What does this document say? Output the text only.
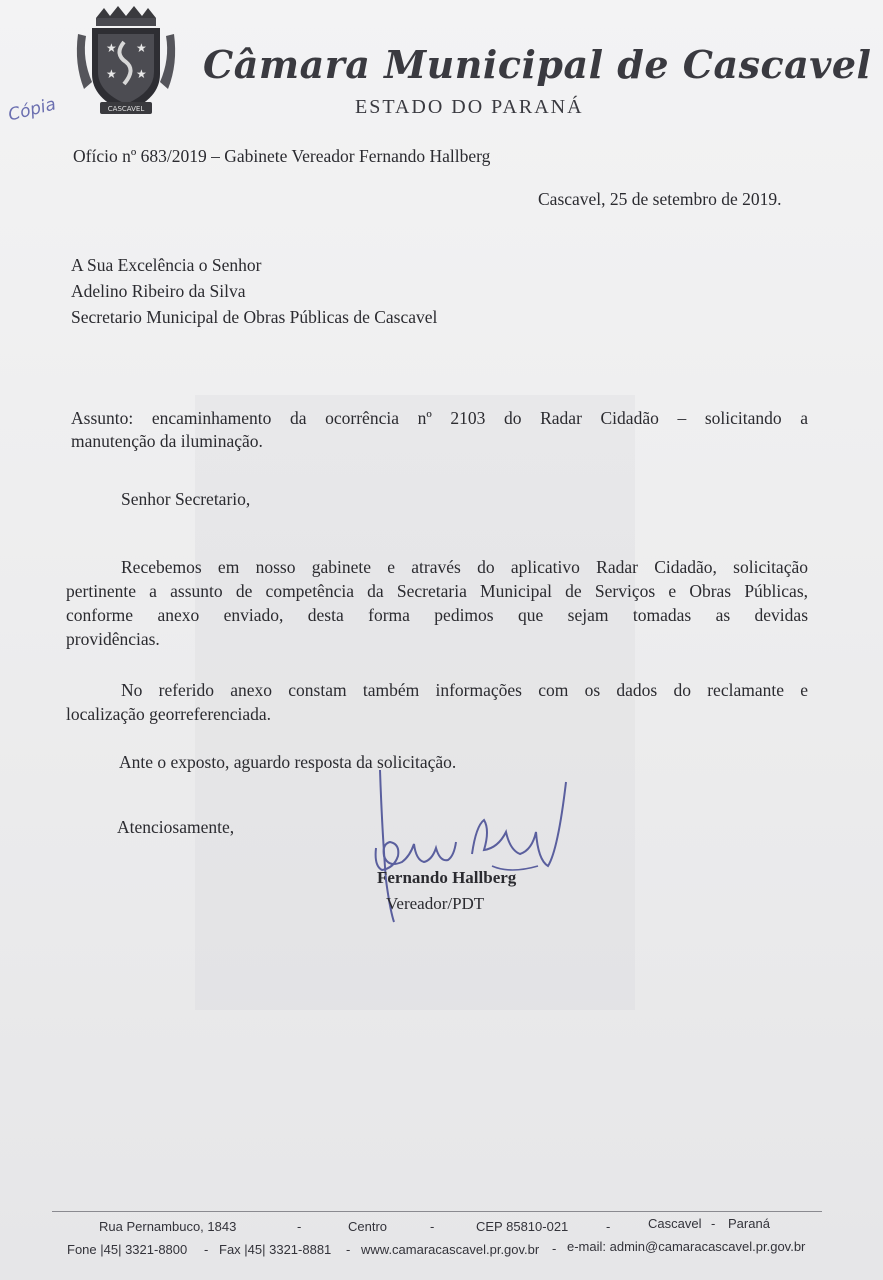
★ ★
★ ★
CASCAVEL
Câmara Municipal de Cascavel
ESTADO DO PARANÁ
Cópia
Ofício nº 683/2019 – Gabinete Vereador Fernando Hallberg
Cascavel, 25 de setembro de 2019.
A Sua Excelência o Senhor
Adelino Ribeiro da Silva
Secretario Municipal de Obras Públicas de Cascavel
Assunto: encaminhamento da ocorrência nº 2103 do Radar Cidadão – solicitando a
manutenção da iluminação.
Senhor Secretario,
Recebemos em nosso gabinete e através do aplicativo Radar Cidadão, solicitação
pertinente a assunto de competência da Secretaria Municipal de Serviços e Obras Públicas,
conforme anexo enviado, desta forma pedimos que sejam tomadas as devidas
providências.
No referido anexo constam também informações com os dados do reclamante e
localização georreferenciada.
Ante o exposto, aguardo resposta da solicitação.
Atenciosamente,
Fernando Hallberg
Vereador/PDT
Rua Pernambuco, 1843	-	Centro	-	CEP 85810-021	-	Cascavel - Paraná
Fone |45| 3321-8800 - Fax |45| 3321-8881 - www.camaracascavel.pr.gov.br - e-mail: admin@camaracascavel.pr.gov.br
